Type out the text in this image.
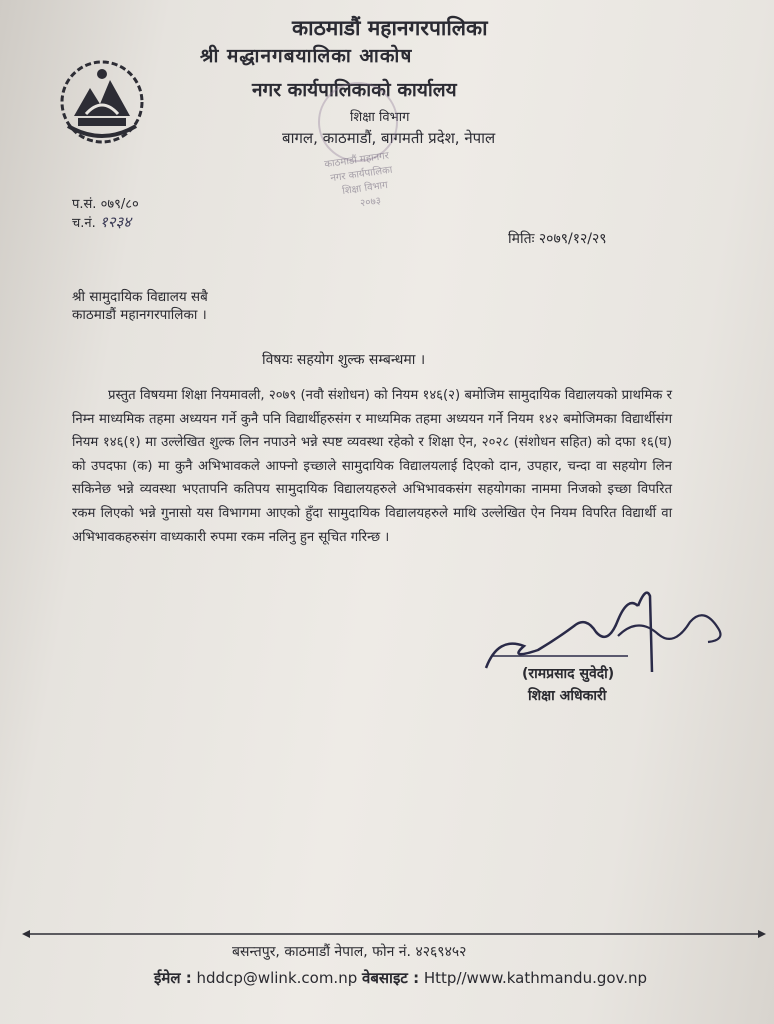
काठमाडौं महानगरपालिका
श्री मद्धानगबयालिका आकोष
नगर कार्यपालिकाको कार्यालय
शिक्षा विभाग
बागल, काठमाडौं, बागमती प्रदेश, नेपाल
काठमाडौं महानगर
नगर कार्यपालिका
शिक्षा विभाग
२०७३
प.सं. ०७९/८०
च.नं. १२३४
मितिः २०७९/१२/२९
श्री सामुदायिक विद्यालय सबै
काठमाडौं महानगरपालिका ।
विषयः सहयोग शुल्क सम्बन्धमा ।
प्रस्तुत विषयमा शिक्षा नियमावली, २०७९ (नवौ संशोधन) को नियम १४६(२) बमोजिम सामुदायिक विद्यालयको प्राथमिक र निम्न माध्यमिक तहमा अध्ययन गर्ने कुनै पनि विद्यार्थीहरुसंग र माध्यमिक तहमा अध्ययन गर्ने नियम १४२ बमोजिमका विद्यार्थीसंग नियम १४६(१) मा उल्लेखित शुल्क लिन नपाउने भन्ने स्पष्ट व्यवस्था रहेको र शिक्षा ऐन, २०२८ (संशोधन सहित) को दफा १६(घ) को उपदफा (क) मा कुनै अभिभावकले आफ्नो इच्छाले सामुदायिक विद्यालयलाई दिएको दान, उपहार, चन्दा वा सहयोग लिन सकिनेछ भन्ने व्यवस्था भएतापनि कतिपय सामुदायिक विद्यालयहरुले अभिभावकसंग सहयोगका नाममा निजको इच्छा विपरित रकम लिएको भन्ने गुनासो यस विभागमा आएको हुँदा सामुदायिक विद्यालयहरुले माथि उल्लेखित ऐन नियम विपरित विद्यार्थी वा अभिभावकहरुसंग वाध्यकारी रुपमा रकम नलिनु हुन सूचित गरिन्छ ।
(रामप्रसाद सुवेदी)
शिक्षा अधिकारी
बसन्तपुर, काठमाडौं नेपाल, फोन नं. ४२६९४५२
ईमेल : hddcp@wlink.com.np वेबसाइट : Http//www.kathmandu.gov.np
